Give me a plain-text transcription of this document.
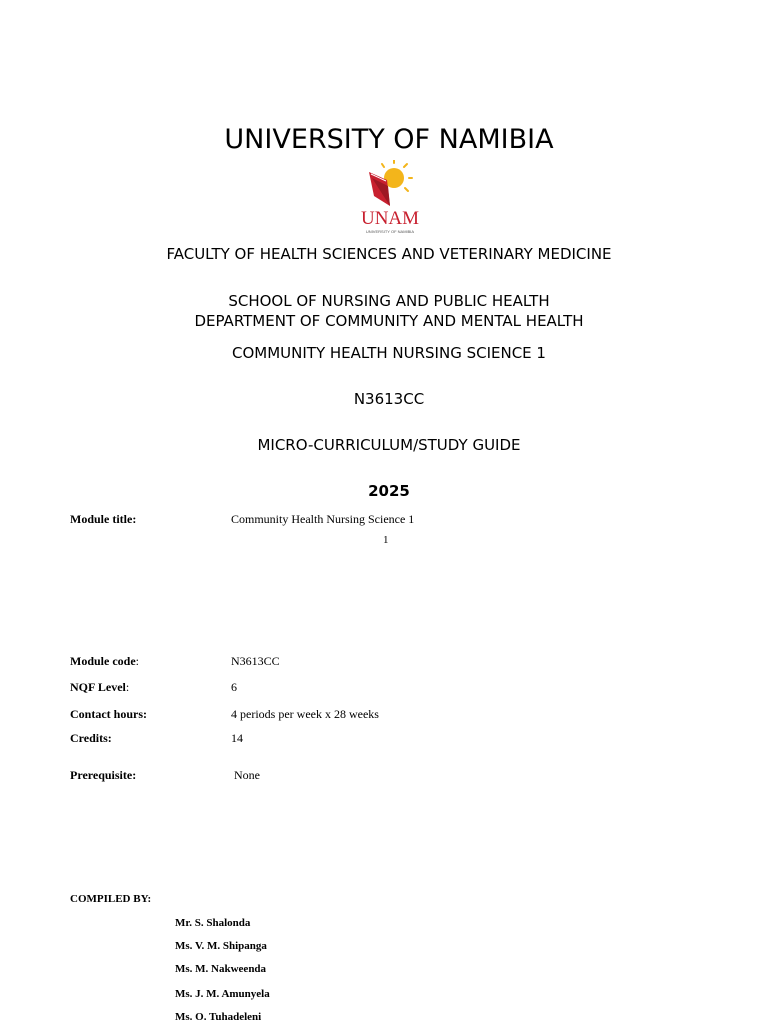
UNIVERSITY OF NAMIBIA
UNAM
UNIVERSITY OF NAMIBIA
FACULTY OF HEALTH SCIENCES AND VETERINARY MEDICINE
SCHOOL OF NURSING AND PUBLIC HEALTH
DEPARTMENT OF COMMUNITY AND MENTAL HEALTH
COMMUNITY HEALTH NURSING SCIENCE 1
N3613CC
MICRO-CURRICULUM/STUDY GUIDE
2025
Module title:	Community Health Nursing Science 1
1
Module code:	N3613CC
NQF Level:	6
Contact hours:	4 periods per week x 28 weeks
Credits:	14
Prerequisite:	None
COMPILED BY:
Mr. S. Shalonda
Ms. V. M. Shipanga
Ms. M. Nakweenda
Ms. J. M. Amunyela
Ms. O. Tuhadeleni
